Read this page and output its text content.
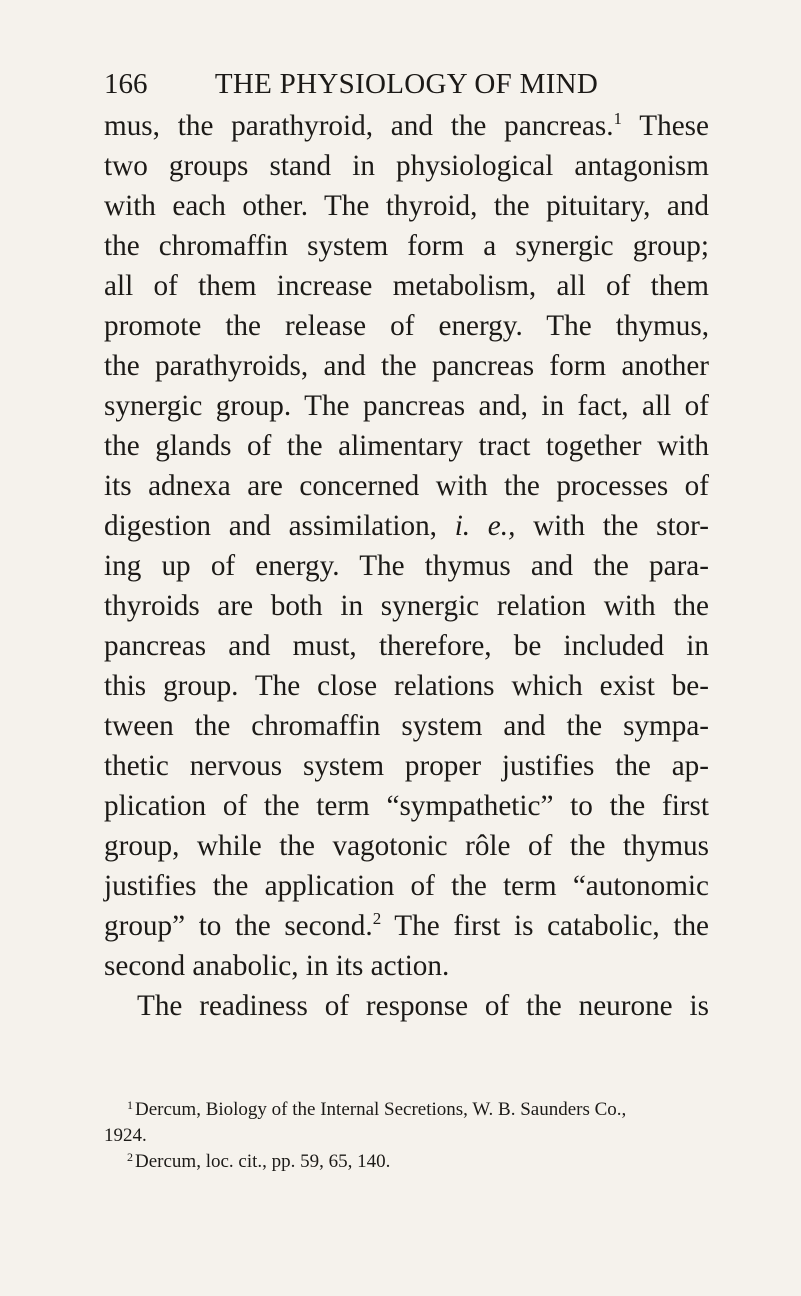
166	THE PHYSIOLOGY OF MIND
mus, the parathyroid, and the pancreas.$^1$ These
two groups stand in physiological antagonism
with each other. The thyroid, the pituitary, and
the chromaffin system form a synergic group;
all of them increase metabolism, all of them
promote the release of energy. The thymus,
the parathyroids, and the pancreas form another
synergic group. The pancreas and, in fact, all of
the glands of the alimentary tract together with
its adnexa are concerned with the processes of
digestion and assimilation, i. e., with the stor-
ing up of energy. The thymus and the para-
thyroids are both in synergic relation with the
pancreas and must, therefore, be included in
this group. The close relations which exist be-
tween the chromaffin system and the sympa-
thetic nervous system proper justifies the ap-
plication of the term “sympathetic” to the first
group, while the vagotonic rôle of the thymus
justifies the application of the term “autonomic
group” to the second.$^2$ The first is catabolic, the
second anabolic, in its action.
The readiness of response of the neurone is
$^1$ Dercum, Biology of the Internal Secretions, W. B. Saunders Co.,
1924.
$^2$ Dercum, loc. cit., pp. 59, 65, 140.
